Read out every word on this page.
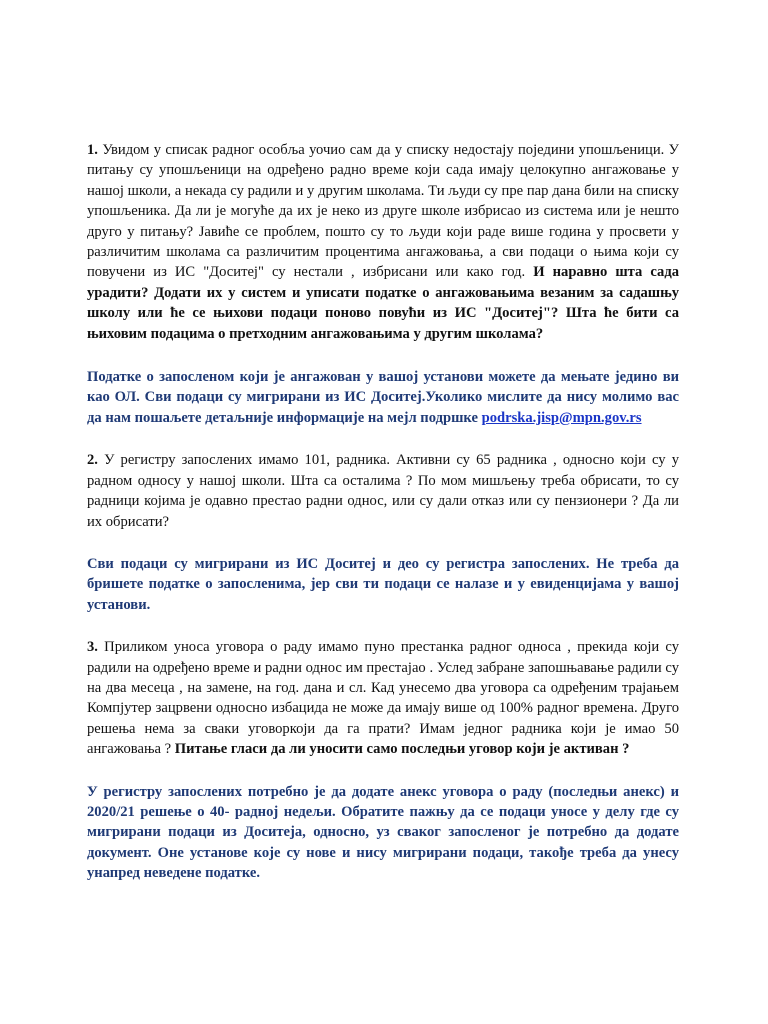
1. Увидом у списак радног особља уочио сам да у списку недостају поједини упошљеници. У питању су упошљеници на одређено радно време који сада имају целокупно ангажовање у нашој школи, а некада су радили и у другим школама. Ти људи су пре пар дана били на списку упошљеника. Да ли је могуће да их је неко из друге школе избрисао из система или је нешто друго у питању? Јавиће се проблем, пошто су то људи који раде више година у просвети у различитим школама са различитим процентима ангажовања, а сви подаци о њима који су повучени из ИС "Доситеј" су нестали , избрисани или како год. И наравно шта сада урадити? Додати их у систем и уписати податке о ангажовањима везаним за садашњу школу или ће се њихови подаци поново повући из ИС "Доситеј"? Шта ће бити са њиховим подацима о претходним ангажовањима у другим школама?

Податке о запосленом који је ангажован у вашој установи можете да мењате једино ви као ОЛ. Сви подаци су мигрирани из ИС Доситеј.Уколико мислите да нису молимо вас да нам пошаљете детаљније информације на мејл подршке podrska.jisp@mpn.gov.rs

2. У регистру запослених имамо 101, радника. Активни су 65 радника , односно који су у радном односу у нашој школи. Шта са осталима ? По мом мишљењу треба обрисати, то су радници којима је одавно престао радни однос, или су дали отказ или су пензионери ? Да ли их обрисати?

Сви подаци су мигрирани из ИС Доситеј и део су регистра запослених. Не треба да бришете податке о запосленима, јер сви ти подаци се налазе и у евиденцијама у вашој установи.

3. Приликом уноса уговора о раду имамо пуно престанка радног односа , прекида који су радили на одређено време и радни однос им престајао . Услед забране запошњавање радили су на два месеца , на замене, на год. дана и сл. Кад унесемо два уговора са одређеним трајањем Компјутер зацрвени односно избацида не може да имају више од 100% радног времена. Друго решења нема за сваки уговоркоји да га прати? Имам једног радника који је имао 50 ангажовања ? Питање гласи да ли уносити само последњи уговор који је активан ?

У регистру запослених потребно је да додате анекс уговора о раду (последњи анекс) и 2020/21 решење о 40- радној недељи. Обратите пажњу да се подаци уносе у делу где су мигрирани подаци из Доситеја, односно, уз сваког запосленог је потребно да додате документ. Оне установе које су нове и нису мигрирани подаци, такође треба да унесу унапред неведене податке.
